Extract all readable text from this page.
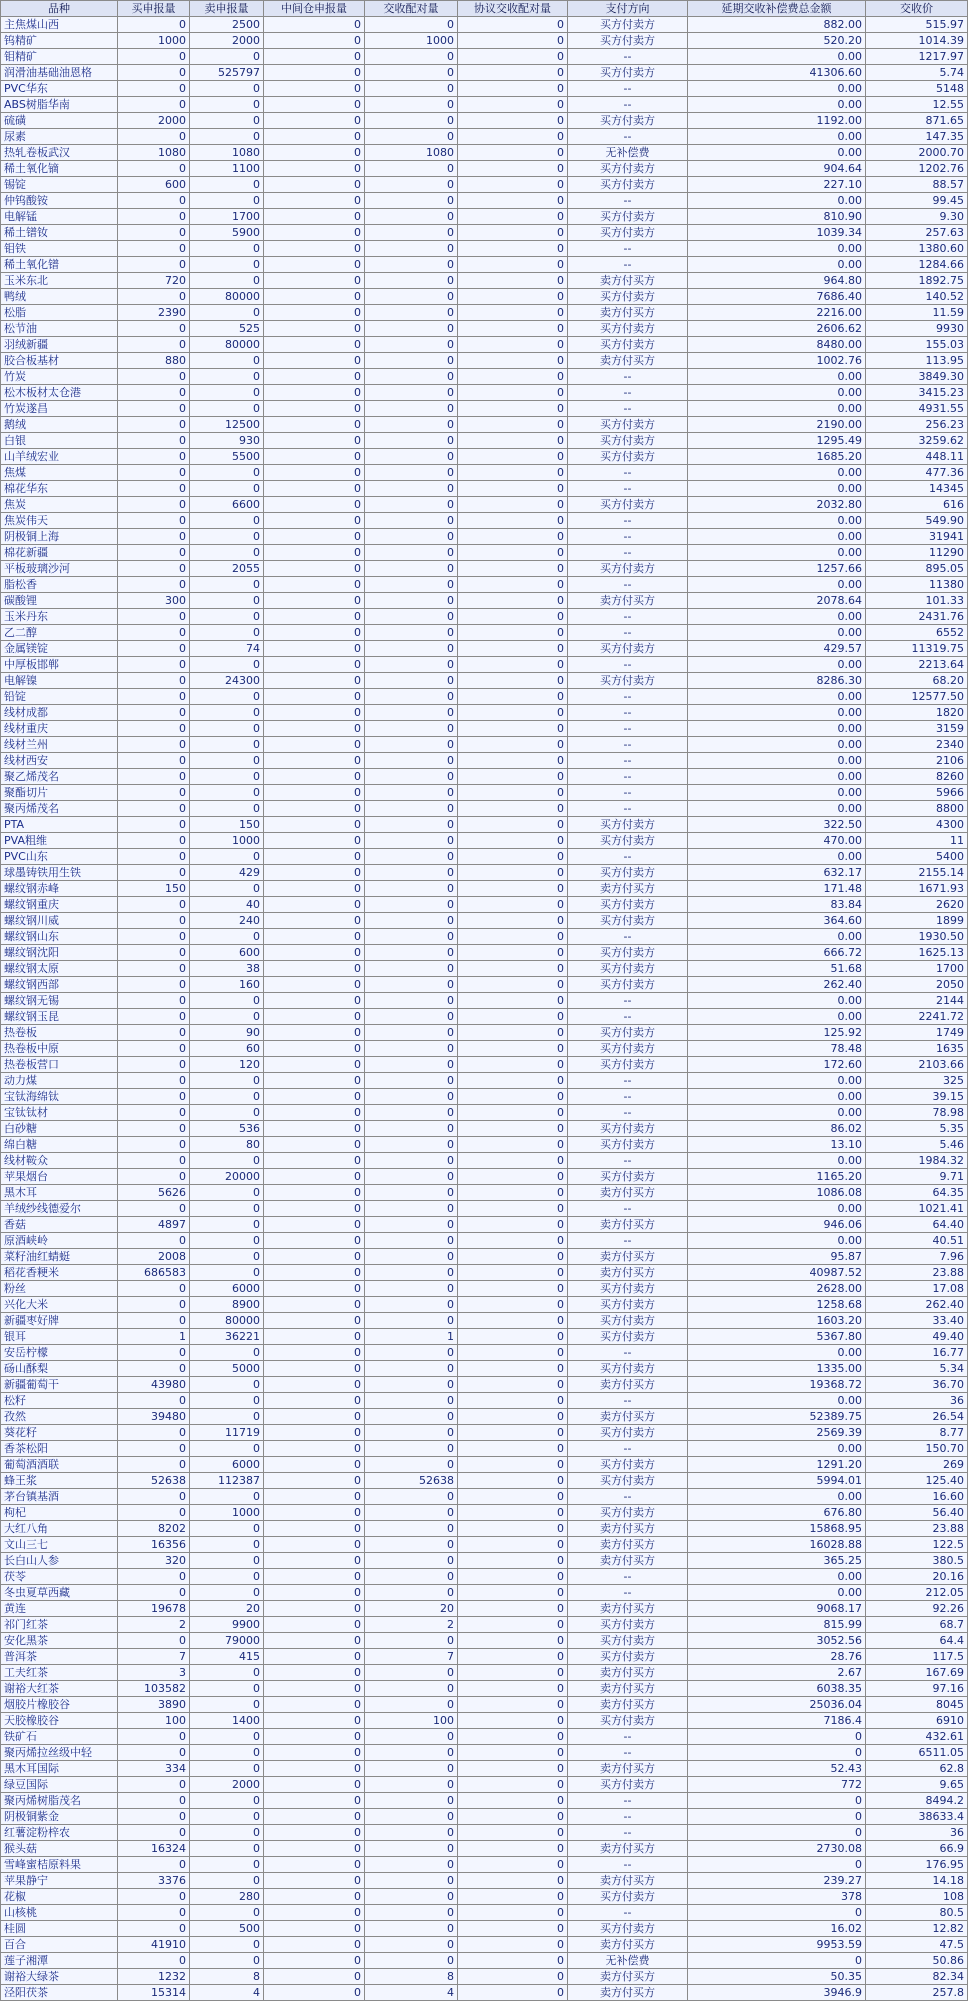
品种	买申报量	卖申报量	中间仓申报量	交收配对量	协议交收配对量	支付方向	延期交收补偿费总金额	交收价
主焦煤山西	0	2500	0	0	0	买方付卖方	882.00	515.97
钨精矿	1000	2000	0	1000	0	买方付卖方	520.20	1014.39
钼精矿	0	0	0	0	0	--	0.00	1217.97
润滑油基础油恩格	0	525797	0	0	0	买方付卖方	41306.60	5.74
PVC华东	0	0	0	0	0	--	0.00	5148
ABS树脂华南	0	0	0	0	0	--	0.00	12.55
硫磺	2000	0	0	0	0	买方付卖方	1192.00	871.65
尿素	0	0	0	0	0	--	0.00	147.35
热轧卷板武汉	1080	1080	0	1080	0	无补偿费	0.00	2000.70
稀土氧化镝	0	1100	0	0	0	买方付卖方	904.64	1202.76
锡锭	600	0	0	0	0	买方付卖方	227.10	88.57
仲钨酸铵	0	0	0	0	0	--	0.00	99.45
电解锰	0	1700	0	0	0	买方付卖方	810.90	9.30
稀土镨钕	0	5900	0	0	0	买方付卖方	1039.34	257.63
钼铁	0	0	0	0	0	--	0.00	1380.60
稀土氧化镨	0	0	0	0	0	--	0.00	1284.66
玉米东北	720	0	0	0	0	卖方付买方	964.80	1892.75
鸭绒	0	80000	0	0	0	买方付卖方	7686.40	140.52
松脂	2390	0	0	0	0	卖方付买方	2216.00	11.59
松节油	0	525	0	0	0	买方付卖方	2606.62	9930
羽绒新疆	0	80000	0	0	0	买方付卖方	8480.00	155.03
胶合板基材	880	0	0	0	0	卖方付买方	1002.76	113.95
竹炭	0	0	0	0	0	--	0.00	3849.30
松木板材太仓港	0	0	0	0	0	--	0.00	3415.23
竹炭遂昌	0	0	0	0	0	--	0.00	4931.55
鹅绒	0	12500	0	0	0	买方付卖方	2190.00	256.23
白银	0	930	0	0	0	买方付卖方	1295.49	3259.62
山羊绒宏业	0	5500	0	0	0	买方付卖方	1685.20	448.11
焦煤	0	0	0	0	0	--	0.00	477.36
棉花华东	0	0	0	0	0	--	0.00	14345
焦炭	0	6600	0	0	0	买方付卖方	2032.80	616
焦炭伟天	0	0	0	0	0	--	0.00	549.90
阴极铜上海	0	0	0	0	0	--	0.00	31941
棉花新疆	0	0	0	0	0	--	0.00	11290
平板玻璃沙河	0	2055	0	0	0	买方付卖方	1257.66	895.05
脂松香	0	0	0	0	0	--	0.00	11380
碳酸锂	300	0	0	0	0	卖方付买方	2078.64	101.33
玉米丹东	0	0	0	0	0	--	0.00	2431.76
乙二醇	0	0	0	0	0	--	0.00	6552
金属镁锭	0	74	0	0	0	买方付卖方	429.57	11319.75
中厚板邯郸	0	0	0	0	0	--	0.00	2213.64
电解镍	0	24300	0	0	0	买方付卖方	8286.30	68.20
铅锭	0	0	0	0	0	--	0.00	12577.50
线材成都	0	0	0	0	0	--	0.00	1820
线材重庆	0	0	0	0	0	--	0.00	3159
线材兰州	0	0	0	0	0	--	0.00	2340
线材西安	0	0	0	0	0	--	0.00	2106
聚乙烯茂名	0	0	0	0	0	--	0.00	8260
聚酯切片	0	0	0	0	0	--	0.00	5966
聚丙烯茂名	0	0	0	0	0	--	0.00	8800
PTA	0	150	0	0	0	买方付卖方	322.50	4300
PVA粗维	0	1000	0	0	0	买方付卖方	470.00	11
PVC山东	0	0	0	0	0	--	0.00	5400
球墨铸铁用生铁	0	429	0	0	0	买方付卖方	632.17	2155.14
螺纹钢赤峰	150	0	0	0	0	卖方付买方	171.48	1671.93
螺纹钢重庆	0	40	0	0	0	买方付卖方	83.84	2620
螺纹钢川威	0	240	0	0	0	买方付卖方	364.60	1899
螺纹钢山东	0	0	0	0	0	--	0.00	1930.50
螺纹钢沈阳	0	600	0	0	0	买方付卖方	666.72	1625.13
螺纹钢太原	0	38	0	0	0	买方付卖方	51.68	1700
螺纹钢西部	0	160	0	0	0	买方付卖方	262.40	2050
螺纹钢无锡	0	0	0	0	0	--	0.00	2144
螺纹钢玉昆	0	0	0	0	0	--	0.00	2241.72
热卷板	0	90	0	0	0	买方付卖方	125.92	1749
热卷板中原	0	60	0	0	0	买方付卖方	78.48	1635
热卷板营口	0	120	0	0	0	买方付卖方	172.60	2103.66
动力煤	0	0	0	0	0	--	0.00	325
宝钛海绵钛	0	0	0	0	0	--	0.00	39.15
宝钛钛材	0	0	0	0	0	--	0.00	78.98
白砂糖	0	536	0	0	0	买方付卖方	86.02	5.35
绵白糖	0	80	0	0	0	买方付卖方	13.10	5.46
线材鞍众	0	0	0	0	0	--	0.00	1984.32
苹果烟台	0	20000	0	0	0	买方付卖方	1165.20	9.71
黑木耳	5626	0	0	0	0	卖方付买方	1086.08	64.35
羊绒纱线德爱尔	0	0	0	0	0	--	0.00	1021.41
香菇	4897	0	0	0	0	卖方付买方	946.06	64.40
原酒峡岭	0	0	0	0	0	--	0.00	40.51
菜籽油红蜻蜓	2008	0	0	0	0	卖方付买方	95.87	7.96
稻花香粳米	686583	0	0	0	0	卖方付买方	40987.52	23.88
粉丝	0	6000	0	0	0	买方付卖方	2628.00	17.08
兴化大米	0	8900	0	0	0	买方付卖方	1258.68	262.40
新疆枣好牌	0	80000	0	0	0	买方付卖方	1603.20	33.40
银耳	1	36221	0	1	0	买方付卖方	5367.80	49.40
安岳柠檬	0	0	0	0	0	--	0.00	16.77
砀山酥梨	0	5000	0	0	0	买方付卖方	1335.00	5.34
新疆葡萄干	43980	0	0	0	0	卖方付买方	19368.72	36.70
松籽	0	0	0	0	0	--	0.00	36
孜然	39480	0	0	0	0	卖方付买方	52389.75	26.54
葵花籽	0	11719	0	0	0	买方付卖方	2569.39	8.77
香茶松阳	0	0	0	0	0	--	0.00	150.70
葡萄酒酒联	0	6000	0	0	0	买方付卖方	1291.20	269
蜂王浆	52638	112387	0	52638	0	买方付卖方	5994.01	125.40
茅台镇基酒	0	0	0	0	0	--	0.00	16.60
枸杞	0	1000	0	0	0	买方付卖方	676.80	56.40
大红八角	8202	0	0	0	0	卖方付买方	15868.95	23.88
文山三七	16356	0	0	0	0	卖方付买方	16028.88	122.5
长白山人参	320	0	0	0	0	卖方付买方	365.25	380.5
茯苓	0	0	0	0	0	--	0.00	20.16
冬虫夏草西藏	0	0	0	0	0	--	0.00	212.05
黄连	19678	20	0	20	0	卖方付买方	9068.17	92.26
祁门红茶	2	9900	0	2	0	买方付卖方	815.99	68.7
安化黑茶	0	79000	0	0	0	买方付卖方	3052.56	64.4
普洱茶	7	415	0	7	0	买方付卖方	28.76	117.5
工夫红茶	3	0	0	0	0	卖方付买方	2.67	167.69
谢裕大红茶	103582	0	0	0	0	卖方付买方	6038.35	97.16
烟胶片橡胶谷	3890	0	0	0	0	卖方付买方	25036.04	8045
天胶橡胶谷	100	1400	0	100	0	买方付卖方	7186.4	6910
铁矿石	0	0	0	0	0	--	0	432.61
聚丙烯拉丝级中轻	0	0	0	0	0	--	0	6511.05
黑木耳国际	334	0	0	0	0	卖方付买方	52.43	62.8
绿豆国际	0	2000	0	0	0	买方付卖方	772	9.65
聚丙烯树脂茂名	0	0	0	0	0	--	0	8494.2
阴极铜紫金	0	0	0	0	0	--	0	38633.4
红薯淀粉梓农	0	0	0	0	0	--	0	36
猴头菇	16324	0	0	0	0	卖方付买方	2730.08	66.9
雪峰蜜桔原料果	0	0	0	0	0	--	0	176.95
苹果静宁	3376	0	0	0	0	卖方付买方	239.27	14.18
花椒	0	280	0	0	0	买方付卖方	378	108
山核桃	0	0	0	0	0	--	0	80.5
桂圆	0	500	0	0	0	买方付卖方	16.02	12.82
百合	41910	0	0	0	0	卖方付买方	9953.59	47.5
莲子湘潭	0	0	0	0	0	无补偿费	0	50.86
谢裕大绿茶	1232	8	0	8	0	卖方付买方	50.35	82.34
泾阳茯茶	15314	4	0	4	0	卖方付买方	3946.9	257.8
